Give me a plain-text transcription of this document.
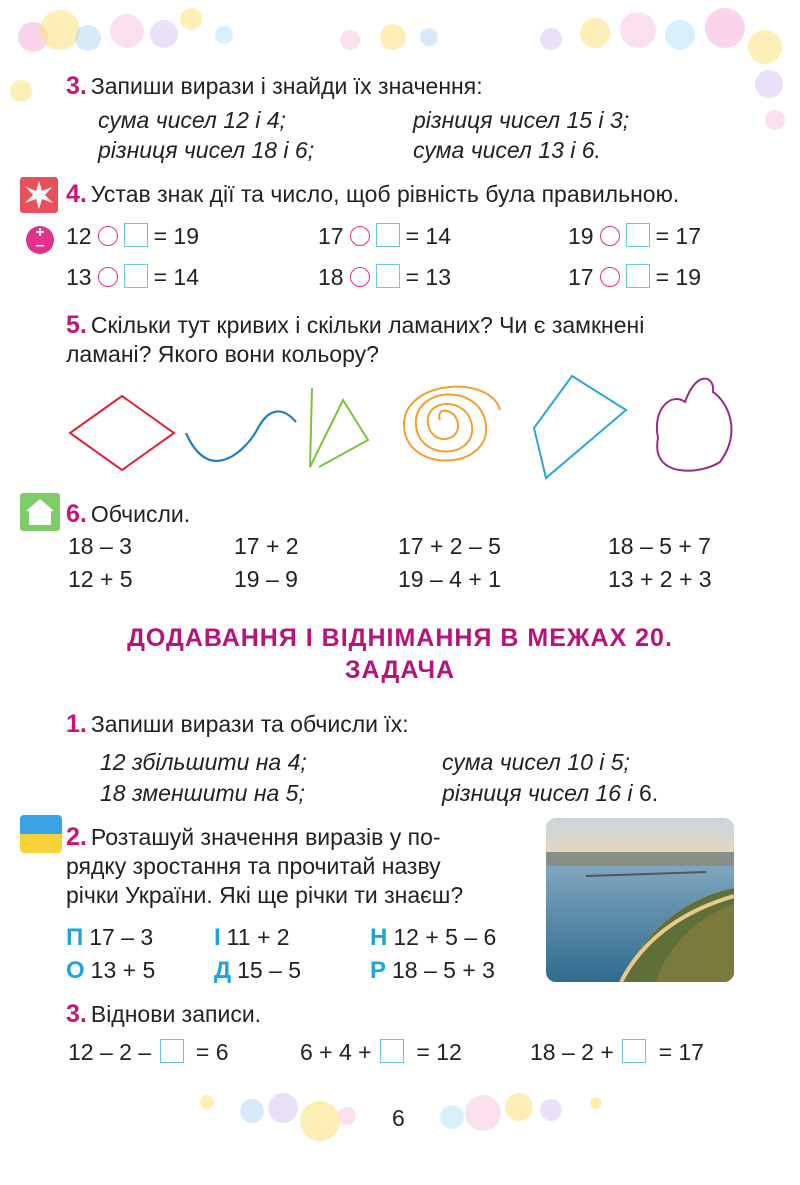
3. Запиши вирази і знайди їх значення:
сума чисел 12 і 4;	різниця чисел 15 і 3;
різниця чисел 18 і 6;	сума чисел 13 і 6.
4. Устав знак дії та число, щоб рівність була правильною.
+
– 12	= 19	17	= 14	19	= 17
13	= 14	18	= 13	17	= 19
5. Скільки тут кривих і скільки ламаних? Чи є замкнені
ламані? Якого вони кольору?
6. Обчисли.
18 – 3	17 + 2	17 + 2 – 5	18 – 5 + 7
12 + 5	19 – 9	19 – 4 + 1	13 + 2 + 3
ДОДАВАННЯ І ВІДНІМАННЯ В МЕЖАХ 20.
ЗАДАЧА
1. Запиши вирази та обчисли їх:
12 збільшити на 4;	сума чисел 10 і 5;
18 зменшити на 5;	різниця чисел 16 і 6.
2. Розташуй значення виразів у по-
рядку зростання та прочитай назву
річки України. Які ще річки ти знаєш?
П 17 – 3	І 11 + 2	Н 12 + 5 – 6
О 13 + 5 Д 15 – 5	Р 18 – 5 + 3
3. Віднови записи.
12 – 2 – = 6	6 + 4 + = 12	18 – 2 + = 17
6
